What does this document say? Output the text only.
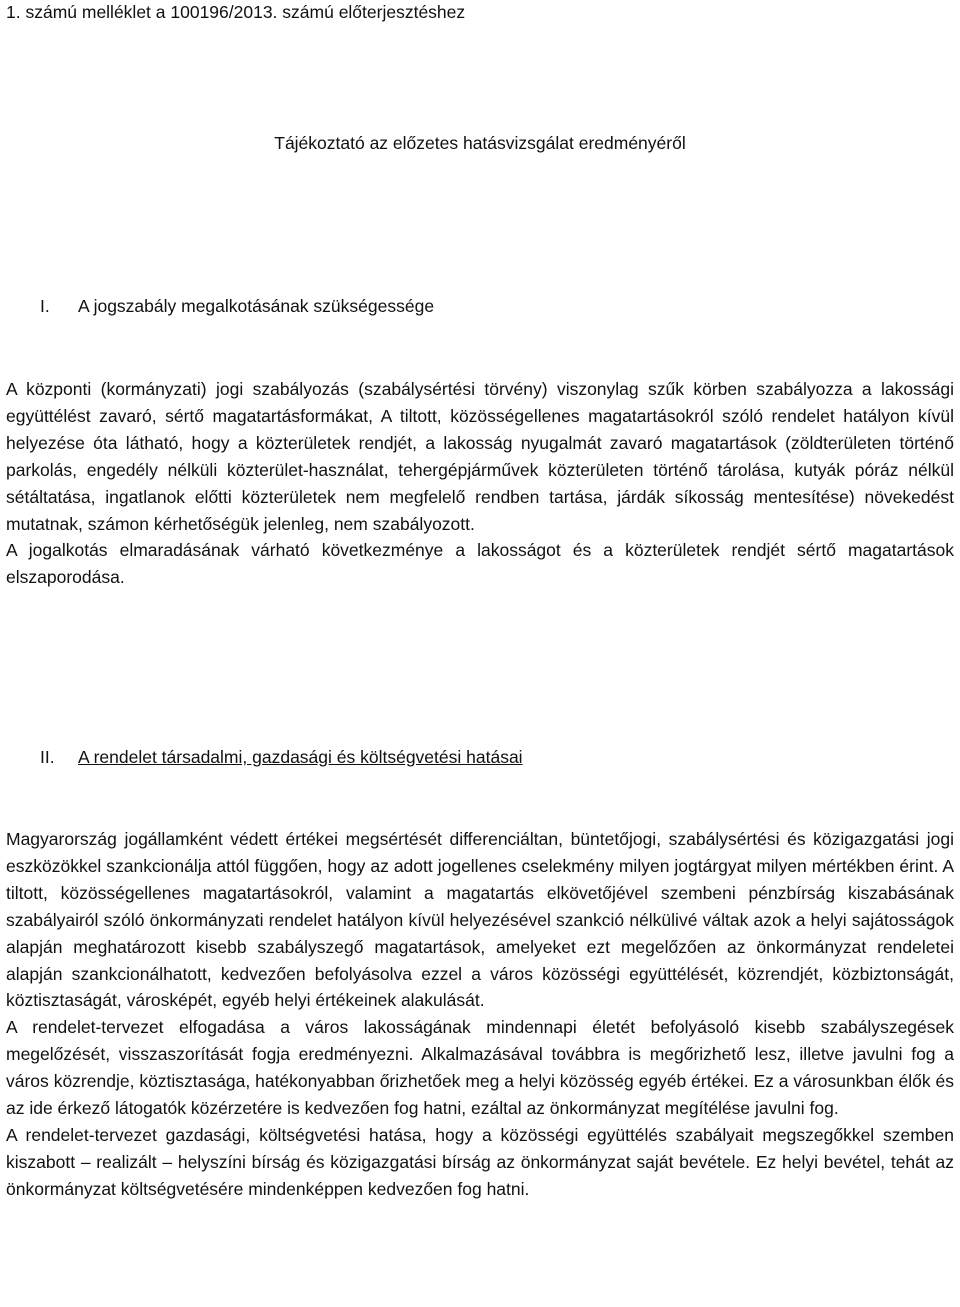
1. számú melléklet a 100196/2013. számú előterjesztéshez
Tájékoztató az előzetes hatásvizsgálat eredményéről
I. A jogszabály megalkotásának szükségessége
A központi (kormányzati) jogi szabályozás (szabálysértési törvény) viszonylag szűk körben szabályozza a lakossági együttélést zavaró, sértő magatartásformákat, A tiltott, közösségellenes magatartásokról szóló rendelet hatályon kívül helyezése óta látható, hogy a közterületek rendjét, a lakosság nyugalmát zavaró magatartások (zöldterületen történő parkolás, engedély nélküli közterület-használat, tehergépjárművek közterületen történő tárolása, kutyák póráz nélkül sétáltatása, ingatlanok előtti közterületek nem megfelelő rendben tartása, járdák síkosság mentesítése) növekedést mutatnak, számon kérhetőségük jelenleg, nem szabályozott.
A jogalkotás elmaradásának várható következménye a lakosságot és a közterületek rendjét sértő magatartások elszaporodása.
II. A rendelet társadalmi, gazdasági és költségvetési hatásai
Magyarország jogállamként védett értékei megsértését differenciáltan, büntetőjogi, szabálysértési és közigazgatási jogi eszközökkel szankcionálja attól függően, hogy az adott jogellenes cselekmény milyen jogtárgyat milyen mértékben érint. A tiltott, közösségellenes magatartásokról, valamint a magatartás elkövetőjével szembeni pénzbírság kiszabásának szabályairól szóló önkormányzati rendelet hatályon kívül helyezésével szankció nélkülivé váltak azok a helyi sajátosságok alapján meghatározott kisebb szabályszegő magatartások, amelyeket ezt megelőzően az önkormányzat rendeletei alapján szankcionálhatott, kedvezően befolyásolva ezzel a város közösségi együttélését, közrendjét, közbiztonságát, köztisztaságát, városképét, egyéb helyi értékeinek alakulását.
A rendelet-tervezet elfogadása a város lakosságának mindennapi életét befolyásoló kisebb szabályszegések megelőzését, visszaszorítását fogja eredményezni. Alkalmazásával továbbra is megőrizhető lesz, illetve javulni fog a város közrendje, köztisztasága, hatékonyabban őrizhetőek meg a helyi közösség egyéb értékei. Ez a városunkban élők és az ide érkező látogatók közérzetére is kedvezően fog hatni, ezáltal az önkormányzat megítélése javulni fog.
A rendelet-tervezet gazdasági, költségvetési hatása, hogy a közösségi együttélés szabályait megszegőkkel szemben kiszabott – realizált – helyszíni bírság és közigazgatási bírság az önkormányzat saját bevétele. Ez helyi bevétel, tehát az önkormányzat költségvetésére mindenképpen kedvezően fog hatni.
